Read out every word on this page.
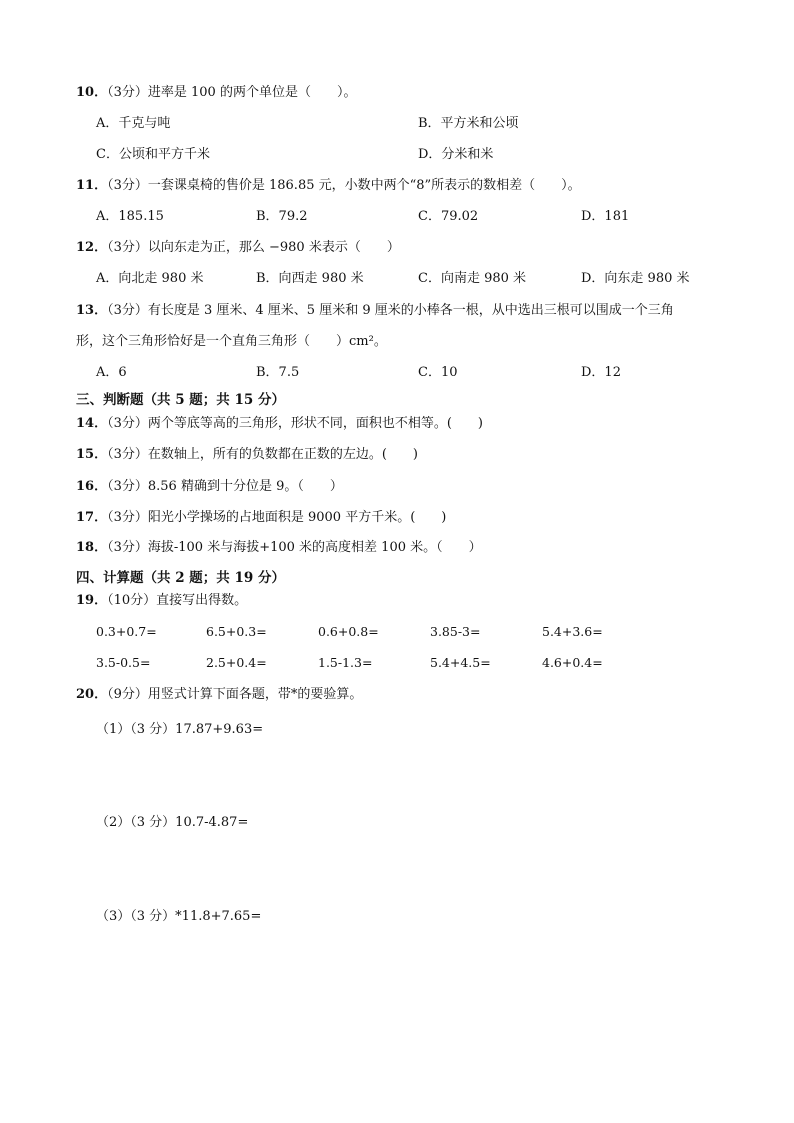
10．（3分）进率是 100 的两个单位是（　　）。
A．千克与吨	B．平方米和公顷
C．公顷和平方千米	D．分米和米
11．（3分）一套课桌椅的售价是 186.85 元，小数中两个“8”所表示的数相差（　　）。
A．185.15	B．79.2	C．79.02	D．181
12．（3分）以向东走为正，那么 −980 米表示（　　）
A．向北走 980 米	B．向西走 980 米	C．向南走 980 米	D．向东走 980 米
13．（3分）有长度是 3 厘米、4 厘米、5 厘米和 9 厘米的小棒各一根，从中选出三根可以围成一个三角
形，这个三角形恰好是一个直角三角形（　　）cm²。
A．6	B．7.5	C．10	D．12
三、判断题（共 5 题；共 15 分）
14．（3分）两个等底等高的三角形，形状不同，面积也不相等。(　　)
15．（3分）在数轴上，所有的负数都在正数的左边。(　　)
16．（3分）8.56 精确到十分位是 9。（　　）
17．（3分）阳光小学操场的占地面积是 9000 平方千米。(　　)
18．（3分）海拔-100 米与海拔+100 米的高度相差 100 米。（　　）
四、计算题（共 2 题；共 19 分）
19．（10分）直接写出得数。
0.3+0.7=	6.5+0.3=	0.6+0.8=	3.85-3=	5.4+3.6=
3.5-0.5=	2.5+0.4=	1.5-1.3=	5.4+4.5=	4.6+0.4=
20．（9分）用竖式计算下面各题，带*的要验算。
（1）（3 分）17.87+9.63=
（2）（3 分）10.7-4.87=
（3）（3 分）*11.8+7.65=
